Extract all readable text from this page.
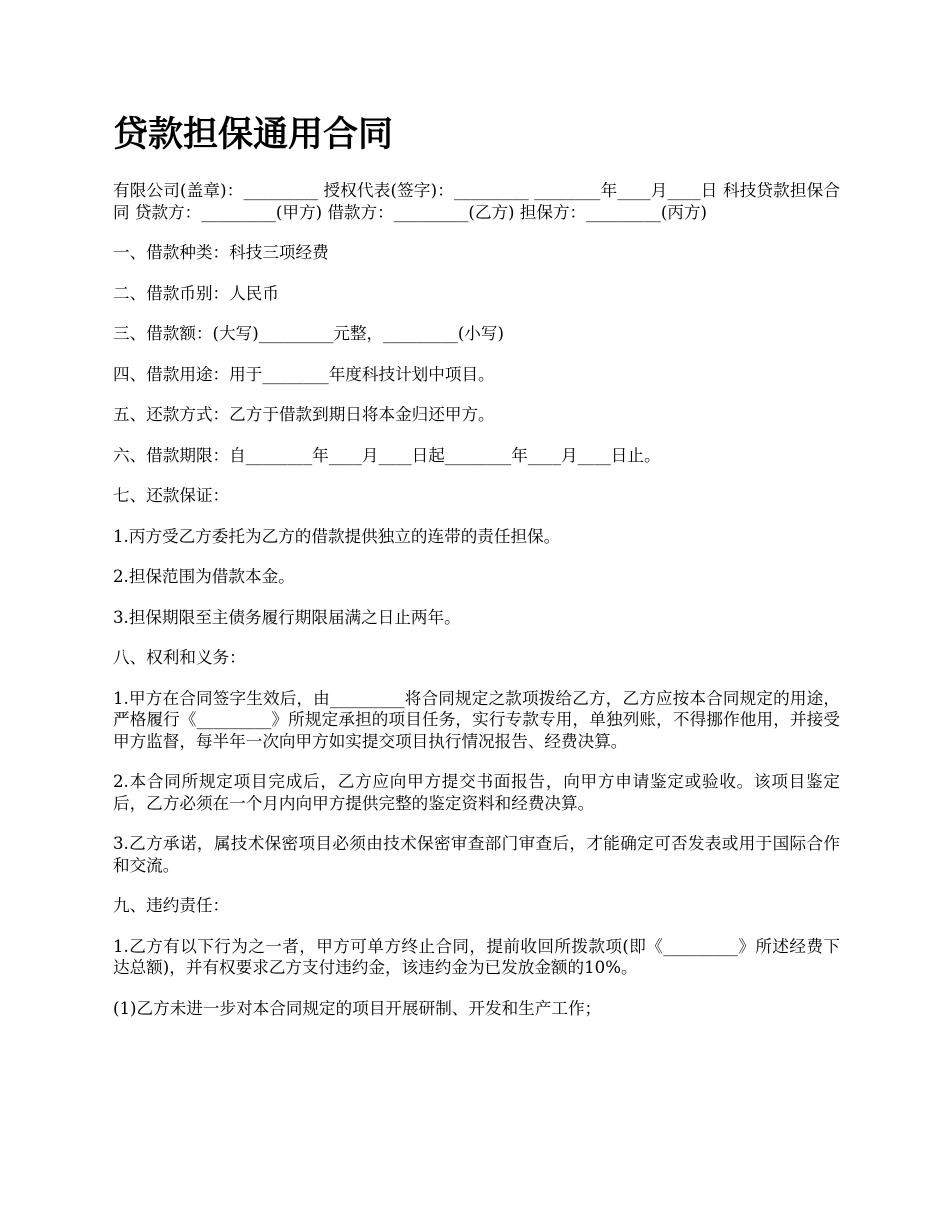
贷款担保通用合同

有限公司(盖章)：_________ 授权代表(签字)：_________ ________年____月____日 科技贷款担保合同 贷款方：_________(甲方) 借款方：_________(乙方) 担保方：_________(丙方)

一、借款种类：科技三项经费

二、借款币别：人民币

三、借款额：(大写)_________元整，_________(小写)

四、借款用途：用于________年度科技计划中项目。

五、还款方式：乙方于借款到期日将本金归还甲方。

六、借款期限：自________年____月____日起________年____月____日止。

七、还款保证：

1.丙方受乙方委托为乙方的借款提供独立的连带的责任担保。

2.担保范围为借款本金。

3.担保期限至主债务履行期限届满之日止两年。

八、权利和义务：

1.甲方在合同签字生效后，由_________将合同规定之款项拨给乙方，乙方应按本合同规定的用途，严格履行《_________》所规定承担的项目任务，实行专款专用，单独列账，不得挪作他用，并接受甲方监督，每半年一次向甲方如实提交项目执行情况报告、经费决算。

2.本合同所规定项目完成后，乙方应向甲方提交书面报告，向甲方申请鉴定或验收。该项目鉴定后，乙方必须在一个月内向甲方提供完整的鉴定资料和经费决算。

3.乙方承诺，属技术保密项目必须由技术保密审查部门审查后，才能确定可否发表或用于国际合作和交流。

九、违约责任：

1.乙方有以下行为之一者，甲方可单方终止合同，提前收回所拨款项(即《_________》所述经费下达总额)，并有权要求乙方支付违约金，该违约金为已发放金额的10%。

(1)乙方未进一步对本合同规定的项目开展研制、开发和生产工作；
